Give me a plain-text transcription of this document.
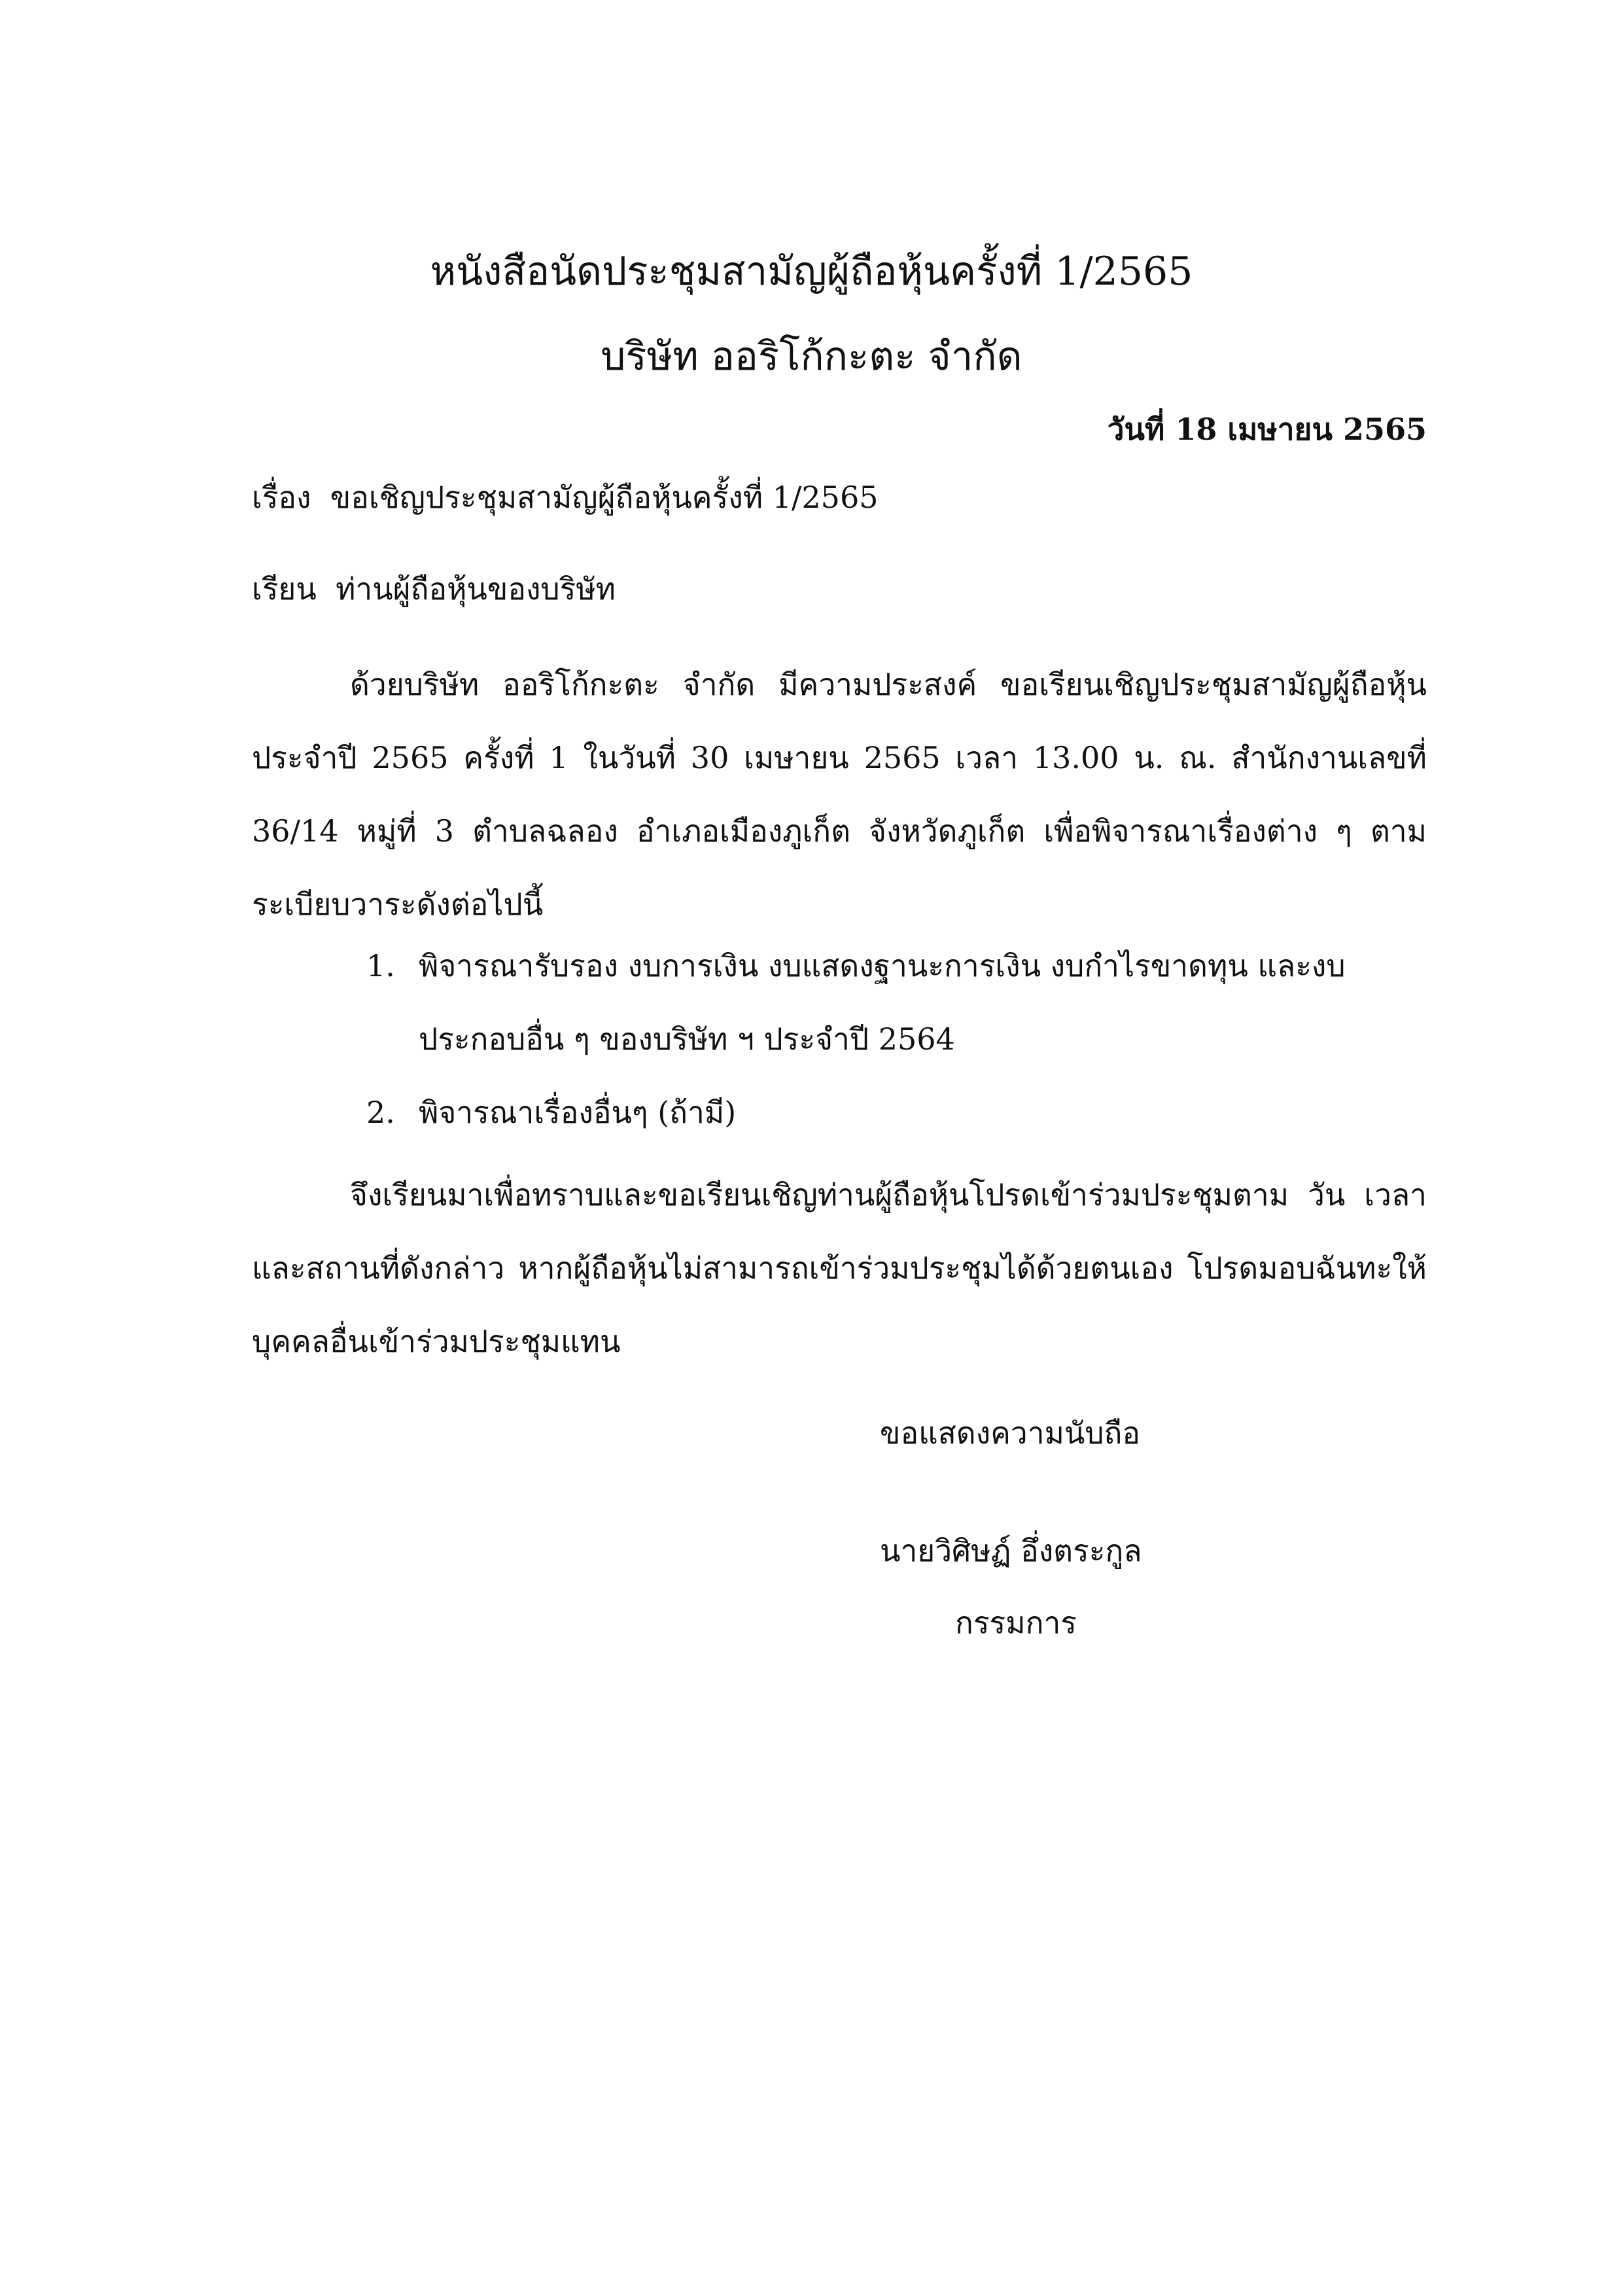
หนังสือนัดประชุมสามัญผู้ถือหุ้นครั้งที่ 1/2565
บริษัท ออริโก้กะตะ จำกัด
วันที่ 18 เมษายน 2565
เรื่อง ขอเชิญประชุมสามัญผู้ถือหุ้นครั้งที่ 1/2565
เรียน ท่านผู้ถือหุ้นของบริษัท

ด้วยบริษัท ออริโก้กะตะ จำกัด มีความประสงค์ ขอเรียนเชิญประชุมสามัญผู้ถือหุ้นประจำปี 2565 ครั้งที่ 1 ในวันที่ 30 เมษายน 2565 เวลา 13.00 น. ณ. สำนักงานเลขที่ 36/14 หมู่ที่ 3 ตำบลฉลอง อำเภอเมืองภูเก็ต จังหวัดภูเก็ต เพื่อพิจารณาเรื่องต่าง ๆ ตามระเบียบวาระดังต่อไปนี้

1. พิจารณารับรอง งบการเงิน งบแสดงฐานะการเงิน งบกำไรขาดทุน และงบประกอบอื่น ๆ ของบริษัท ฯ ประจำปี 2564
2. พิจารณาเรื่องอื่นๆ (ถ้ามี)

จึงเรียนมาเพื่อทราบและขอเรียนเชิญท่านผู้ถือหุ้นโปรดเข้าร่วมประชุมตาม วัน เวลา และสถานที่ดังกล่าว หากผู้ถือหุ้นไม่สามารถเข้าร่วมประชุมได้ด้วยตนเอง โปรดมอบฉันทะให้บุคคลอื่นเข้าร่วมประชุมแทน

ขอแสดงความนับถือ
นายวิศิษฏ์ อึ่งตระกูล
กรรมการ
